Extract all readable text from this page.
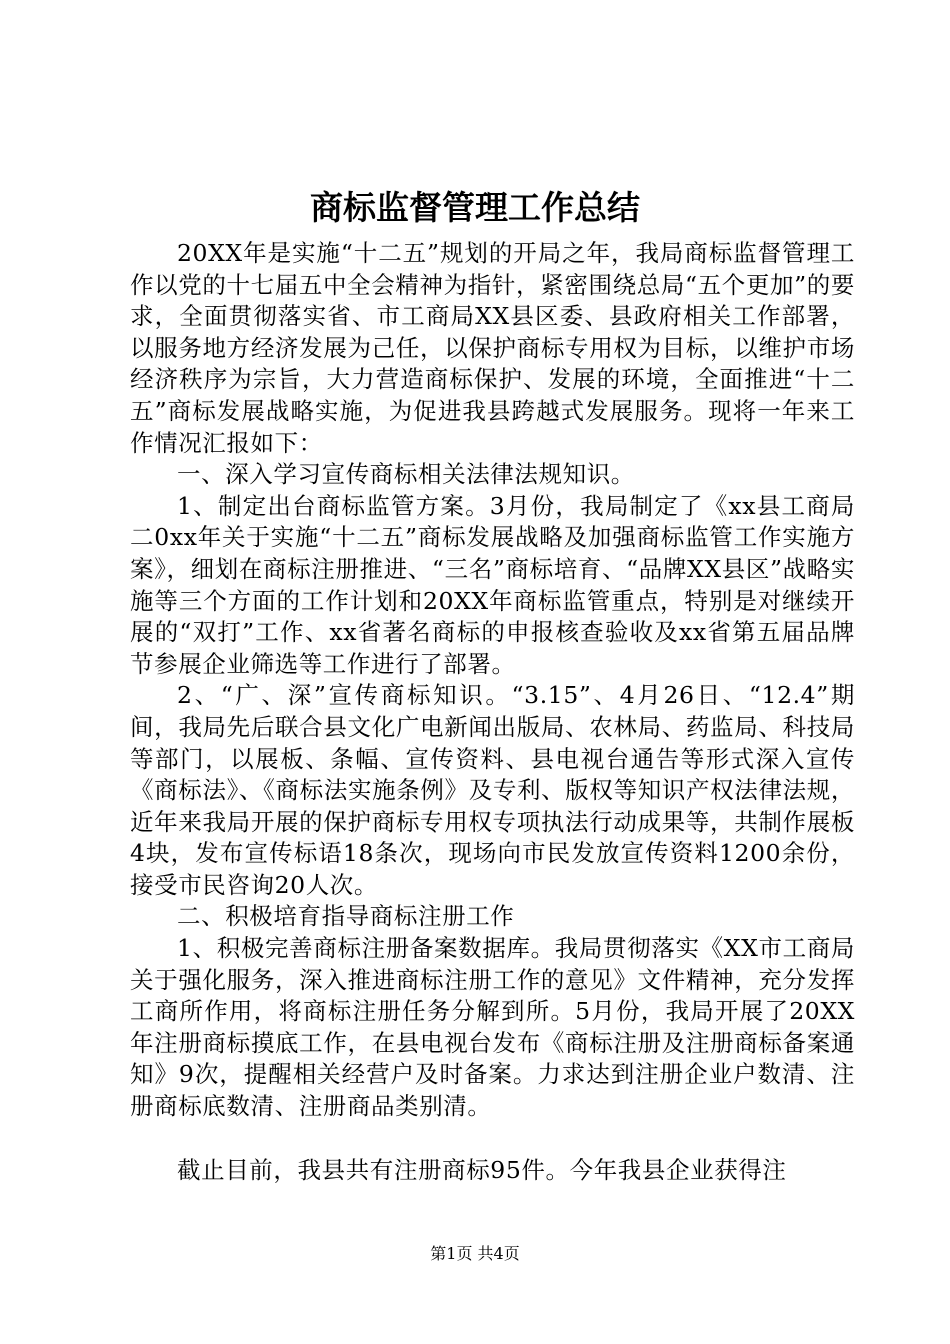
商标监督管理工作总结

20XX年是实施“十二五”规划的开局之年，我局商标监督管理工作以党的十七届五中全会精神为指针，紧密围绕总局“五个更加”的要求，全面贯彻落实省、市工商局XX县区委、县政府相关工作部署，以服务地方经济发展为己任，以保护商标专用权为目标，以维护市场经济秩序为宗旨，大力营造商标保护、发展的环境，全面推进“十二五”商标发展战略实施，为促进我县跨越式发展服务。现将一年来工作情况汇报如下：

一、深入学习宣传商标相关法律法规知识。

1、制定出台商标监管方案。3月份，我局制定了《xx县工商局二0xx年关于实施“十二五”商标发展战略及加强商标监管工作实施方案》，细划在商标注册推进、“三名”商标培育、“品牌XX县区”战略实施等三个方面的工作计划和20XX年商标监管重点，特别是对继续开展的“双打”工作、xx省著名商标的申报核查验收及xx省第五届品牌节参展企业筛选等工作进行了部署。

2、“广、深”宣传商标知识。“3.15”、4月26日、“12.4”期间，我局先后联合县文化广电新闻出版局、农林局、药监局、科技局等部门，以展板、条幅、宣传资料、县电视台通告等形式深入宣传《商标法》、《商标法实施条例》及专利、版权等知识产权法律法规，近年来我局开展的保护商标专用权专项执法行动成果等，共制作展板4块，发布宣传标语18条次，现场向市民发放宣传资料1200余份，接受市民咨询20人次。

二、积极培育指导商标注册工作

1、积极完善商标注册备案数据库。我局贯彻落实《XX市工商局关于强化服务，深入推进商标注册工作的意见》文件精神，充分发挥工商所作用，将商标注册任务分解到所。5月份，我局开展了20XX年注册商标摸底工作，在县电视台发布《商标注册及注册商标备案通知》9次，提醒相关经营户及时备案。力求达到注册企业户数清、注册商标底数清、注册商品类别清。

截止目前，我县共有注册商标95件。今年我县企业获得注

第1页 共4页
